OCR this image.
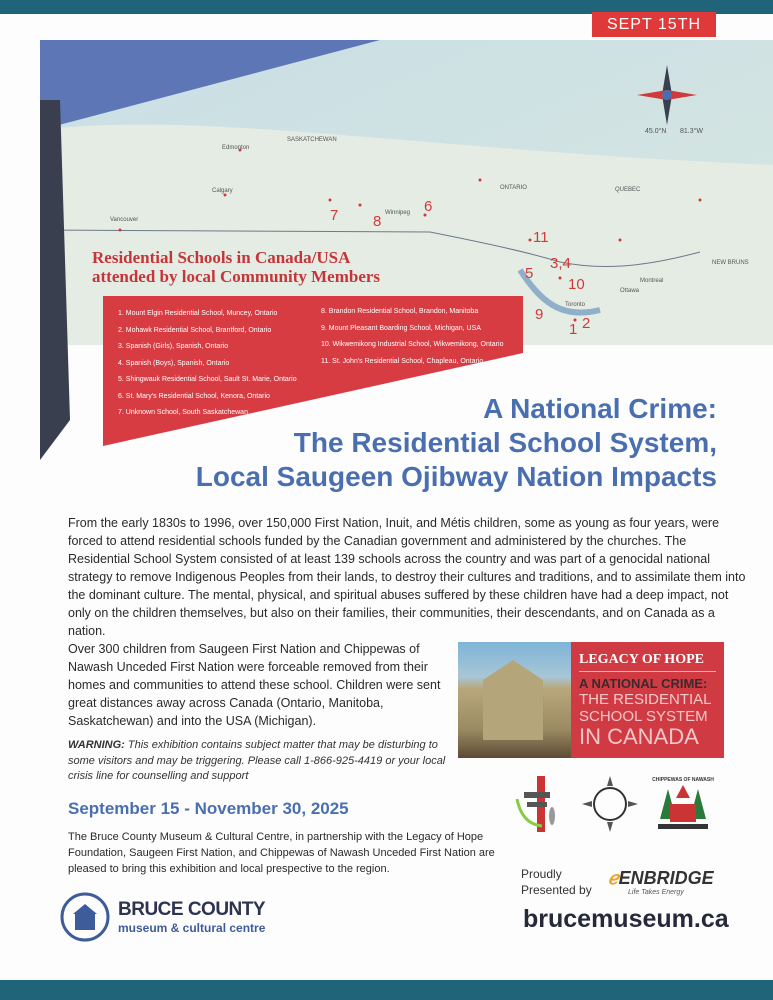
SEPT 15TH
Edmonton
SASKATCHEWAN
Calgary
Vancouver
Winnipeg
ONTARIO	QUEBEC
Toronto
Ottawa
Montreal
NEW BRUNS
45.0°N 81.3°W
7 8
6
11
5
3,4
10
9
1 2
Residential Schools in Canada/USA
attended by local Community Members
1. Mount Elgin Residential School, Muncey, Ontario
2. Mohawk Residential School, Brantford, Ontario
3. Spanish (Girls), Spanish, Ontario
4. Spanish (Boys), Spanish, Ontario
5. Shingwauk Residential School, Sault St. Marie, Ontario
6. St. Mary's Residential School, Kenora, Ontario
7. Unknown School, South Saskatchewan
8. Brandon Residential School, Brandon, Manitoba
9. Mount Pleasant Boarding School, Michigan, USA
10. Wikwemikong Industrial School, Wikwemikong, Ontario
11. St. John's Residential School, Chapleau, Ontario
A National Crime:
The Residential School System,
Local Saugeen Ojibway Nation Impacts

From the early 1830s to 1996, over 150,000 First Nation, Inuit, and Métis children, some as young as four years, were forced to attend residential schools funded by the Canadian government and administered by the churches. The Residential School System consisted of at least 139 schools across the country and was part of a genocidal national strategy to remove Indigenous Peoples from their lands, to destroy their cultures and traditions, and to assimilate them into the dominant culture. The mental, physical, and spiritual abuses suffered by these children have had a deep impact, not only on the children themselves, but also on their families, their communities, their descendants, and on Canada as a nation.

Over 300 children from Saugeen First Nation and Chippewas of Nawash Unceded First Nation were forceable removed from their homes and communities to attend these school. Children were sent great distances away across Canada (Ontario, Manitoba, Saskatchewan) and into the USA (Michigan).

WARNING: This exhibition contains subject matter that may be disturbing to some visitors and may be triggering. Please call 1-866-925-4419 or your local crisis line for counselling and support

September 15 - November 30, 2025

The Bruce County Museum & Cultural Centre, in partnership with the Legacy of Hope Foundation, Saugeen First Nation, and Chippewas of Nawash Unceded First Nation are pleased to bring this exhibition and local prespective to the region.

BRUCE COUNTY
museum & cultural centre
LEGACY OF HOPE
A NATIONAL CRIME:
THE RESIDENTIAL
SCHOOL SYSTEM
IN CANADA
CHIPPEWAS OF NAWASH
Proudly
Presented by
ℯENBRIDGE
Life Takes Energy
brucemuseum.ca
